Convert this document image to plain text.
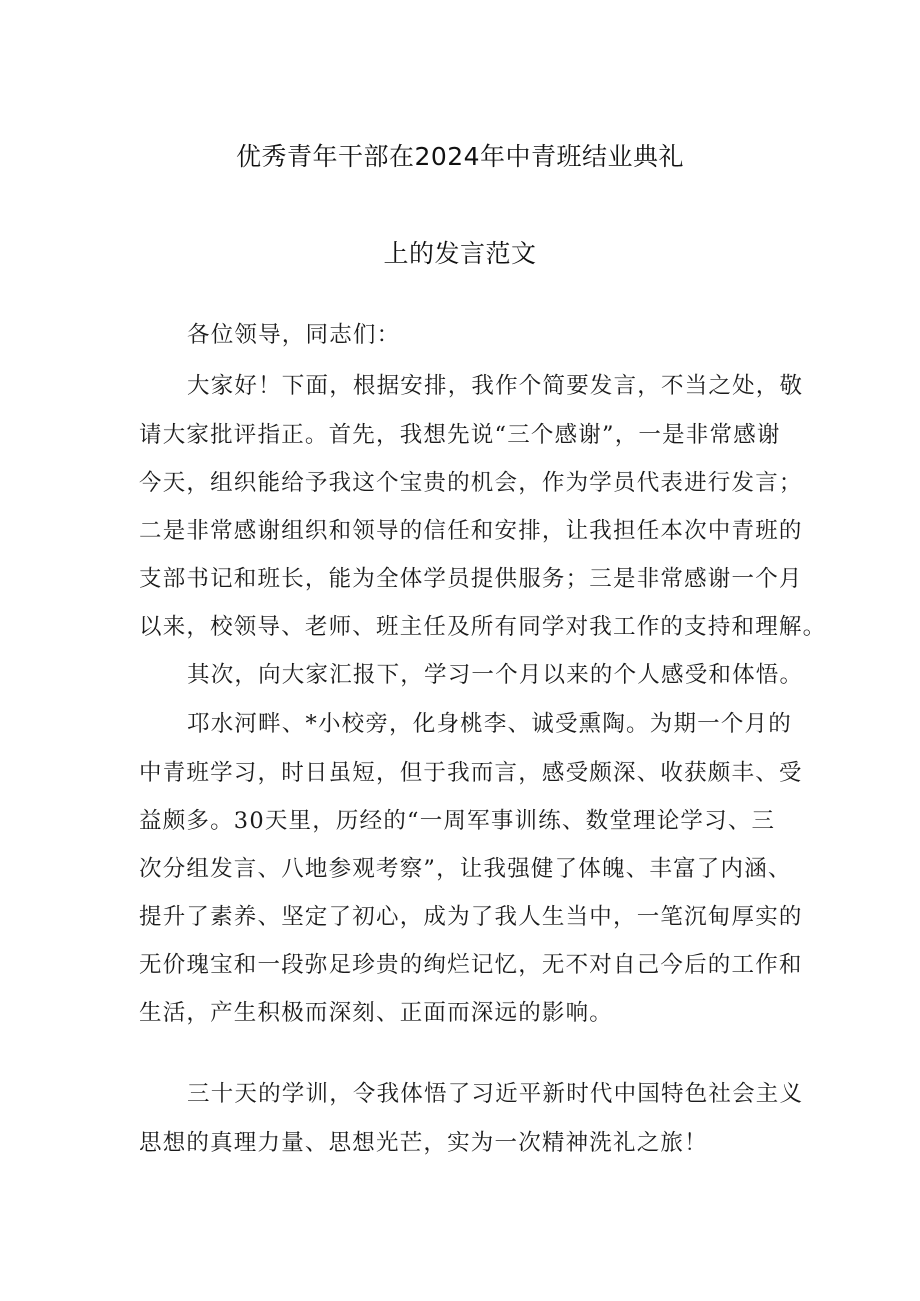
优秀青年干部在2024年中青班结业典礼
上的发言范文
各位领导，同志们：
大家好！下面，根据安排，我作个简要发言，不当之处，敬
请大家批评指正。首先，我想先说“三个感谢”，一是非常感谢
今天，组织能给予我这个宝贵的机会，作为学员代表进行发言；
二是非常感谢组织和领导的信任和安排，让我担任本次中青班的
支部书记和班长，能为全体学员提供服务；三是非常感谢一个月
以来，校领导、老师、班主任及所有同学对我工作的支持和理解。
其次，向大家汇报下，学习一个月以来的个人感受和体悟。
邛水河畔、*小校旁，化身桃李、诚受熏陶。为期一个月的
中青班学习，时日虽短，但于我而言，感受颇深、收获颇丰、受
益颇多。30天里，历经的“一周军事训练、数堂理论学习、三
次分组发言、八地参观考察”，让我强健了体魄、丰富了内涵、
提升了素养、坚定了初心，成为了我人生当中，一笔沉甸厚实的
无价瑰宝和一段弥足珍贵的绚烂记忆，无不对自己今后的工作和
生活，产生积极而深刻、正面而深远的影响。
三十天的学训，令我体悟了习近平新时代中国特色社会主义
思想的真理力量、思想光芒，实为一次精神洗礼之旅！
